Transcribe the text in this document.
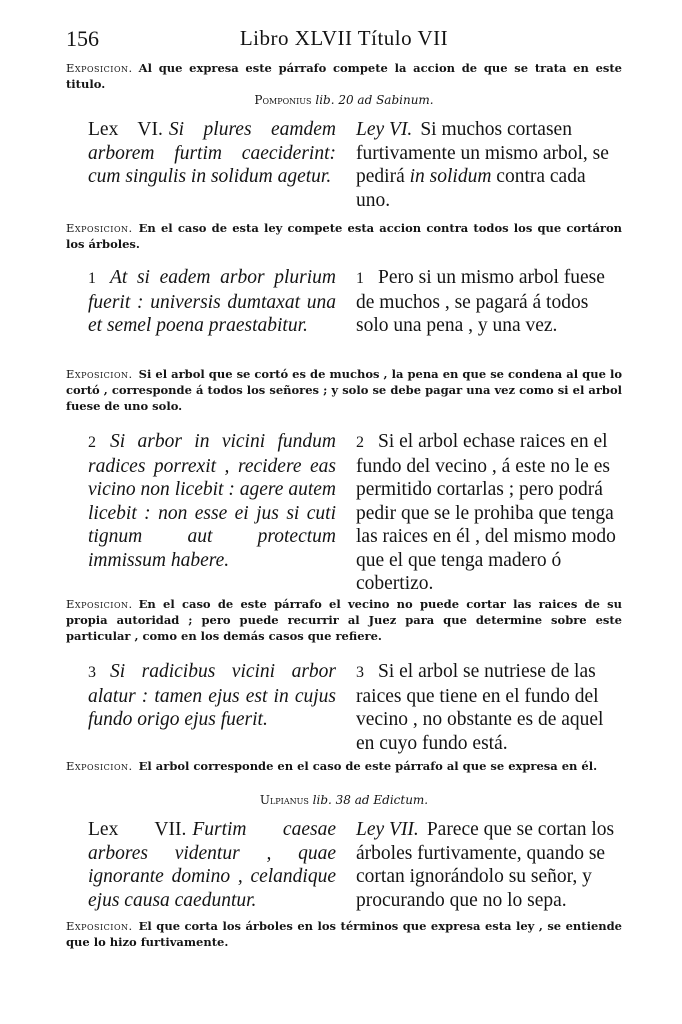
156	Libro XLVII Título VII
Exposicion. Al que expresa este párrafo compete la accion de que se trata en este titulo.
Pomponius lib. 20 ad Sabinum.
Lex VI. Si plures eamdem arborem furtim caeciderint: cum singulis in solidum agetur.
Ley VI. Si muchos cortasen furtivamente un mismo arbol, se pedirá in solidum contra cada uno.
Exposicion. En el caso de esta ley compete esta accion contra todos los que cortáron los árboles.
1 At si eadem arbor plurium fuerit : universis dumtaxat una et semel poena praestabitur.
1 Pero si un mismo arbol fuese de muchos , se pagará á todos solo una pena , y una vez.
Exposicion. Si el arbol que se cortó es de muchos , la pena en que se condena al que lo cortó , corresponde á todos los señores ; y solo se debe pagar una vez como si el arbol fuese de uno solo.
2 Si arbor in vicini fundum radices porrexit , recidere eas vicino non licebit : agere autem licebit : non esse ei jus si cuti tignum aut protectum immissum habere.
2 Si el arbol echase raices en el fundo del vecino , á este no le es permitido cortarlas ; pero podrá pedir que se le prohiba que tenga las raices en él , del mismo modo que el que tenga madero ó cobertizo.
Exposicion. En el caso de este párrafo el vecino no puede cortar las raices de su propia autoridad ; pero puede recurrir al Juez para que determine sobre este particular , como en los demás casos que refiere.
3 Si radicibus vicini arbor alatur : tamen ejus est in cujus fundo origo ejus fuerit.
3 Si el arbol se nutriese de las raices que tiene en el fundo del vecino , no obstante es de aquel en cuyo fundo está.
Exposicion. El arbol corresponde en el caso de este párrafo al que se expresa en él.
Ulpianus lib. 38 ad Edictum.
Lex VII. Furtim caesae arbores videntur , quae ignorante domino , celandique ejus causa caeduntur.
Ley VII. Parece que se cortan los árboles furtivamente, quando se cortan ignorándolo su señor, y procurando que no lo sepa.
Exposicion. El que corta los árboles en los términos que expresa esta ley , se entiende que lo hizo furtivamente.
